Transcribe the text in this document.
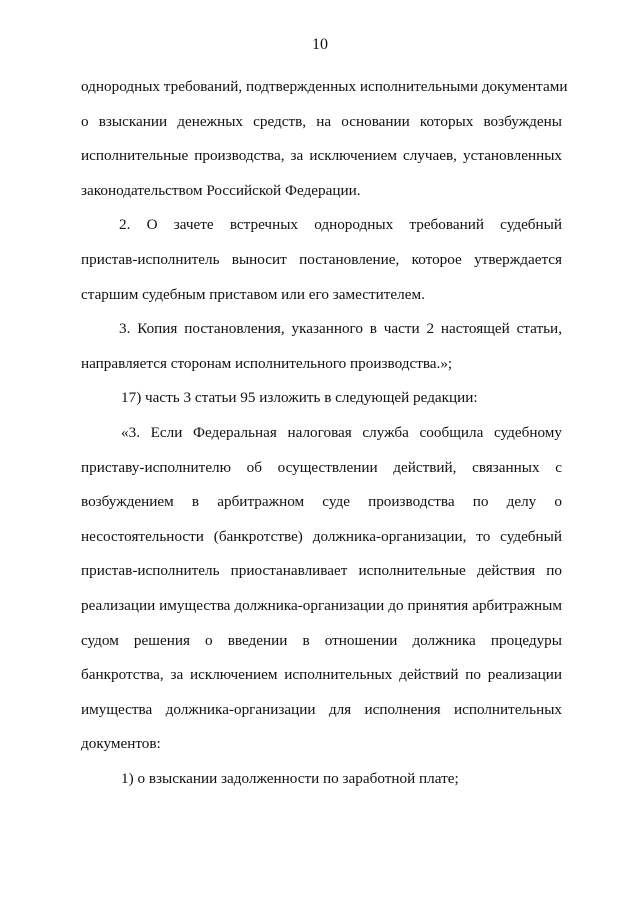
10
однородных требований, подтвержденных исполнительными документами
о взыскании денежных средств, на основании которых возбуждены
исполнительные производства, за исключением случаев, установленных
законодательством Российской Федерации.
2. О зачете встречных однородных требований судебный
пристав-исполнитель выносит постановление, которое утверждается
старшим судебным приставом или его заместителем.
3. Копия постановления, указанного в части 2 настоящей статьи,
направляется сторонам исполнительного производства.»;
17) часть 3 статьи 95 изложить в следующей редакции:
«3. Если Федеральная налоговая служба сообщила судебному
приставу-исполнителю об осуществлении действий, связанных с
возбуждением в арбитражном суде производства по делу о
несостоятельности (банкротстве) должника-организации, то судебный
пристав-исполнитель приостанавливает исполнительные действия по
реализации имущества должника-организации до принятия арбитражным
судом решения о введении в отношении должника процедуры
банкротства, за исключением исполнительных действий по реализации
имущества должника-организации для исполнения исполнительных
документов:
1) о взыскании задолженности по заработной плате;
